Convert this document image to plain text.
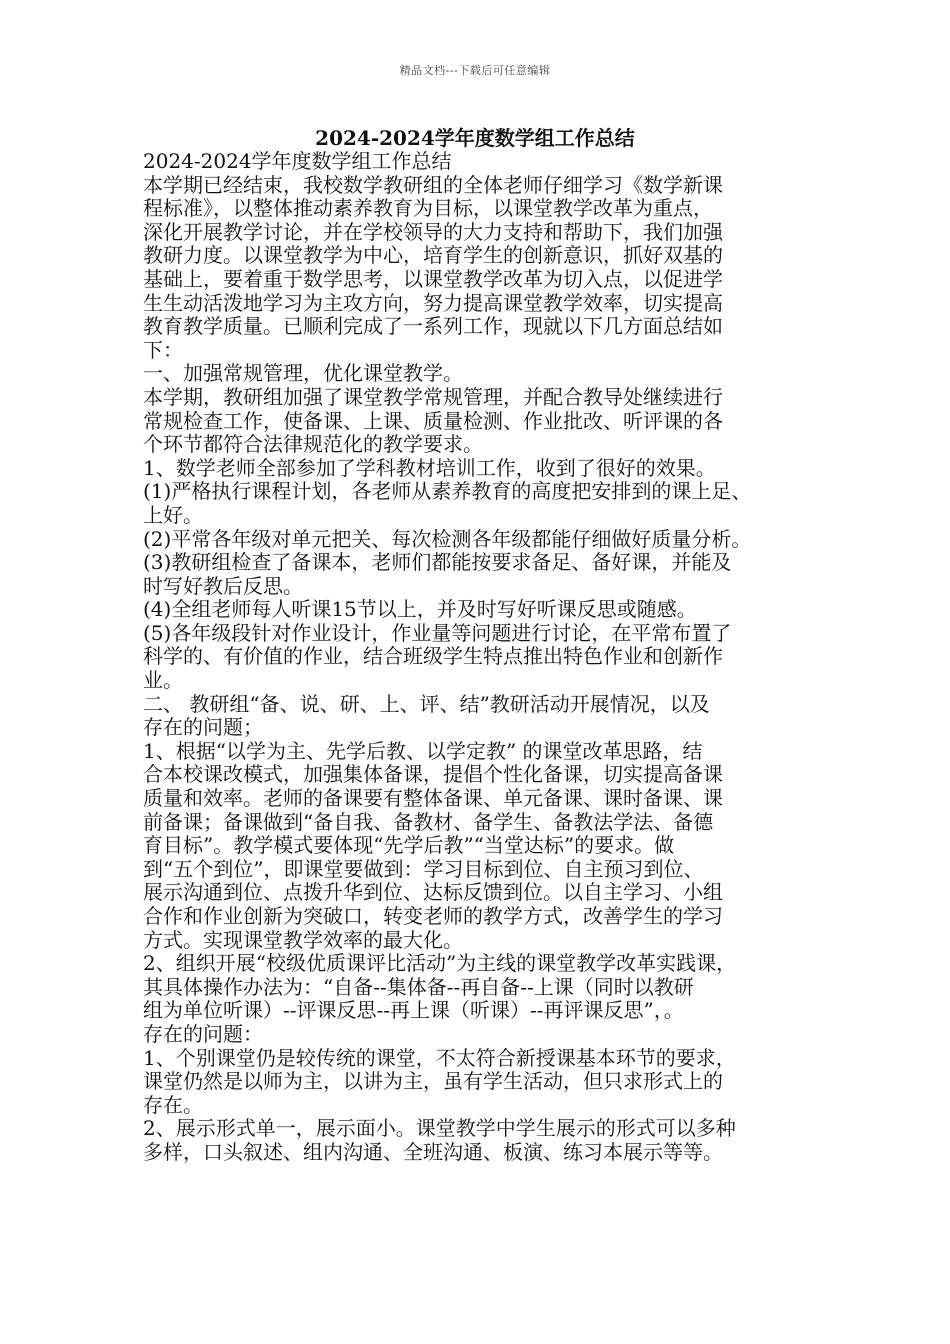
精品文档---下载后可任意编辑
2024-2024学年度数学组工作总结
2024-2024学年度数学组工作总结
本学期已经结束，我校数学教研组的全体老师仔细学习《数学新课
程标准》，以整体推动素养教育为目标，以课堂教学改革为重点，
深化开展教学讨论，并在学校领导的大力支持和帮助下，我们加强
教研力度。以课堂教学为中心，培育学生的创新意识，抓好双基的
基础上，要着重于数学思考，以课堂教学改革为切入点，以促进学
生生动活泼地学习为主攻方向，努力提高课堂教学效率，切实提高
教育教学质量。已顺利完成了一系列工作，现就以下几方面总结如
下：
一、加强常规管理，优化课堂教学。
本学期，教研组加强了课堂教学常规管理，并配合教导处继续进行
常规检查工作，使备课、上课、质量检测、作业批改、听评课的各
个环节都符合法律规范化的教学要求。
1、数学老师全部参加了学科教材培训工作，收到了很好的效果。
(1)严格执行课程计划，各老师从素养教育的高度把安排到的课上足、
上好。
(2)平常各年级对单元把关、每次检测各年级都能仔细做好质量分析。
(3)教研组检查了备课本，老师们都能按要求备足、备好课，并能及
时写好教后反思。
(4)全组老师每人听课15节以上，并及时写好听课反思或随感。
(5)各年级段针对作业设计，作业量等问题进行讨论，在平常布置了
科学的、有价值的作业，结合班级学生特点推出特色作业和创新作
业。
二、 教研组“备、说、研、上、评、结”教研活动开展情况，以及
存在的问题；
1、根据“以学为主、先学后教、以学定教” 的课堂改革思路，结
合本校课改模式，加强集体备课，提倡个性化备课，切实提高备课
质量和效率。老师的备课要有整体备课、单元备课、课时备课、课
前备课；备课做到“备自我、备教材、备学生、备教法学法、备德
育目标”。教学模式要体现“先学后教”“当堂达标”的要求。做
到“五个到位”，即课堂要做到：学习目标到位、自主预习到位、
展示沟通到位、点拨升华到位、达标反馈到位。以自主学习、小组
合作和作业创新为突破口，转变老师的教学方式，改善学生的学习
方式。实现课堂教学效率的最大化。
2、组织开展“校级优质课评比活动”为主线的课堂教学改革实践课，
其具体操作办法为：“自备--集体备--再自备--上课（同时以教研
组为单位听课）--评课反思--再上课（听课）--再评课反思”，。
存在的问题：
1、个别课堂仍是较传统的课堂，不太符合新授课基本环节的要求，
课堂仍然是以师为主，以讲为主，虽有学生活动，但只求形式上的
存在。
2、展示形式单一，展示面小。课堂教学中学生展示的形式可以多种
多样，口头叙述、组内沟通、全班沟通、板演、练习本展示等等。
